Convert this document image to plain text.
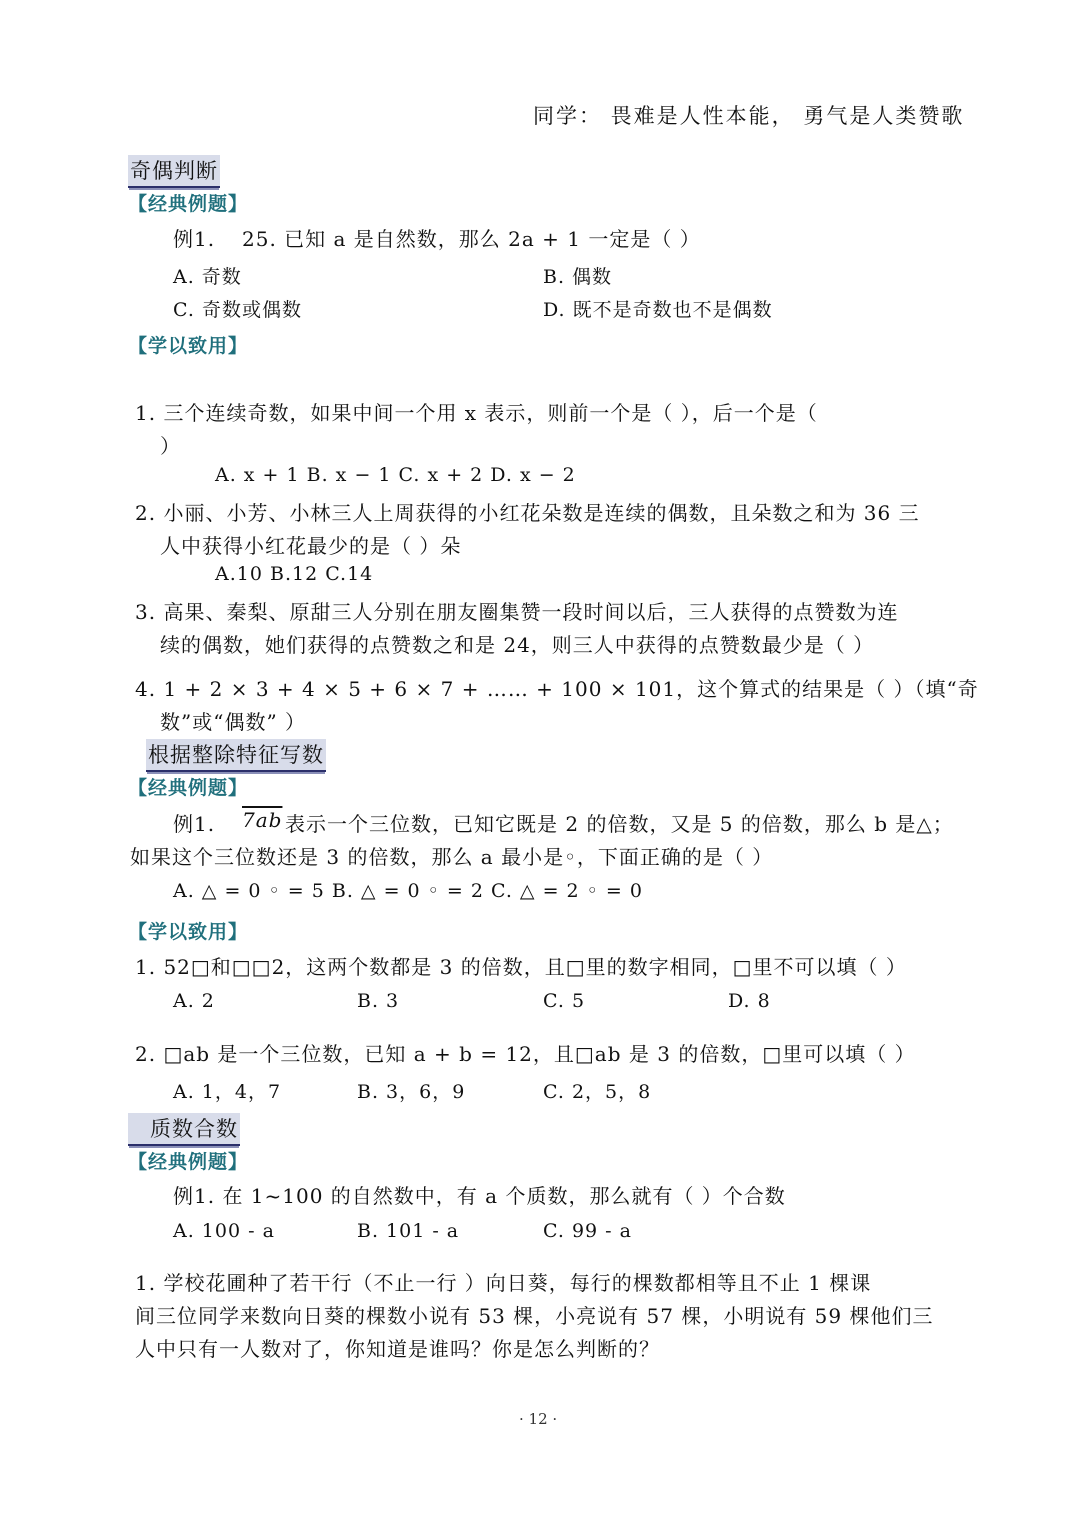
同学： 畏难是人性本能， 勇气是人类赞歌
奇偶判断
【经典例题】
例1. 25. 已知 a 是自然数，那么 2a + 1 一定是（ ）
A. 奇数	B. 偶数
C. 奇数或偶数	D. 既不是奇数也不是偶数
【学以致用】
1. 三个连续奇数，如果中间一个用 x 表示，则前一个是（ ），后一个是（
）
A. x + 1 B. x − 1 C. x + 2 D. x − 2
2. 小丽、小芳、小林三人上周获得的小红花朵数是连续的偶数，且朵数之和为 36 三
人中获得小红花最少的是（ ）朵
A.10 B.12 C.14
3. 高果、秦梨、原甜三人分别在朋友圈集赞一段时间以后，三人获得的点赞数为连
续的偶数，她们获得的点赞数之和是 24，则三人中获得的点赞数最少是（ ）
4. 1 + 2 × 3 + 4 × 5 + 6 × 7 + …… + 100 × 101，这个算式的结果是（ ）（填“奇
数”或“偶数” ）
根据整除特征写数
【经典例题】
例1. 7ab 表示一个三位数，已知它既是 2 的倍数，又是 5 的倍数，那么 b 是△；
如果这个三位数还是 3 的倍数，那么 a 最小是◦，下面正确的是（ ）
A. △ = 0 ◦ = 5 B. △ = 0 ◦ = 2 C. △ = 2 ◦ = 0
【学以致用】
1. 52□和□□2，这两个数都是 3 的倍数，且□里的数字相同，□里不可以填（ ）
A. 2	B. 3	C. 5	D. 8
2. □ab 是一个三位数，已知 a + b = 12，且□ab 是 3 的倍数，□里可以填（ ）
A. 1，4，7	B. 3，6，9	C. 2，5，8
质数合数
【经典例题】
例1. 在 1~100 的自然数中，有 a 个质数，那么就有（ ）个合数
A. 100 - a	B. 101 - a	C. 99 - a
1. 学校花圃种了若干行（不止一行 ）向日葵，每行的棵数都相等且不止 1 棵课
间三位同学来数向日葵的棵数小说有 53 棵，小亮说有 57 棵，小明说有 59 棵他们三
人中只有一人数对了，你知道是谁吗？你是怎么判断的？
· 12 ·
